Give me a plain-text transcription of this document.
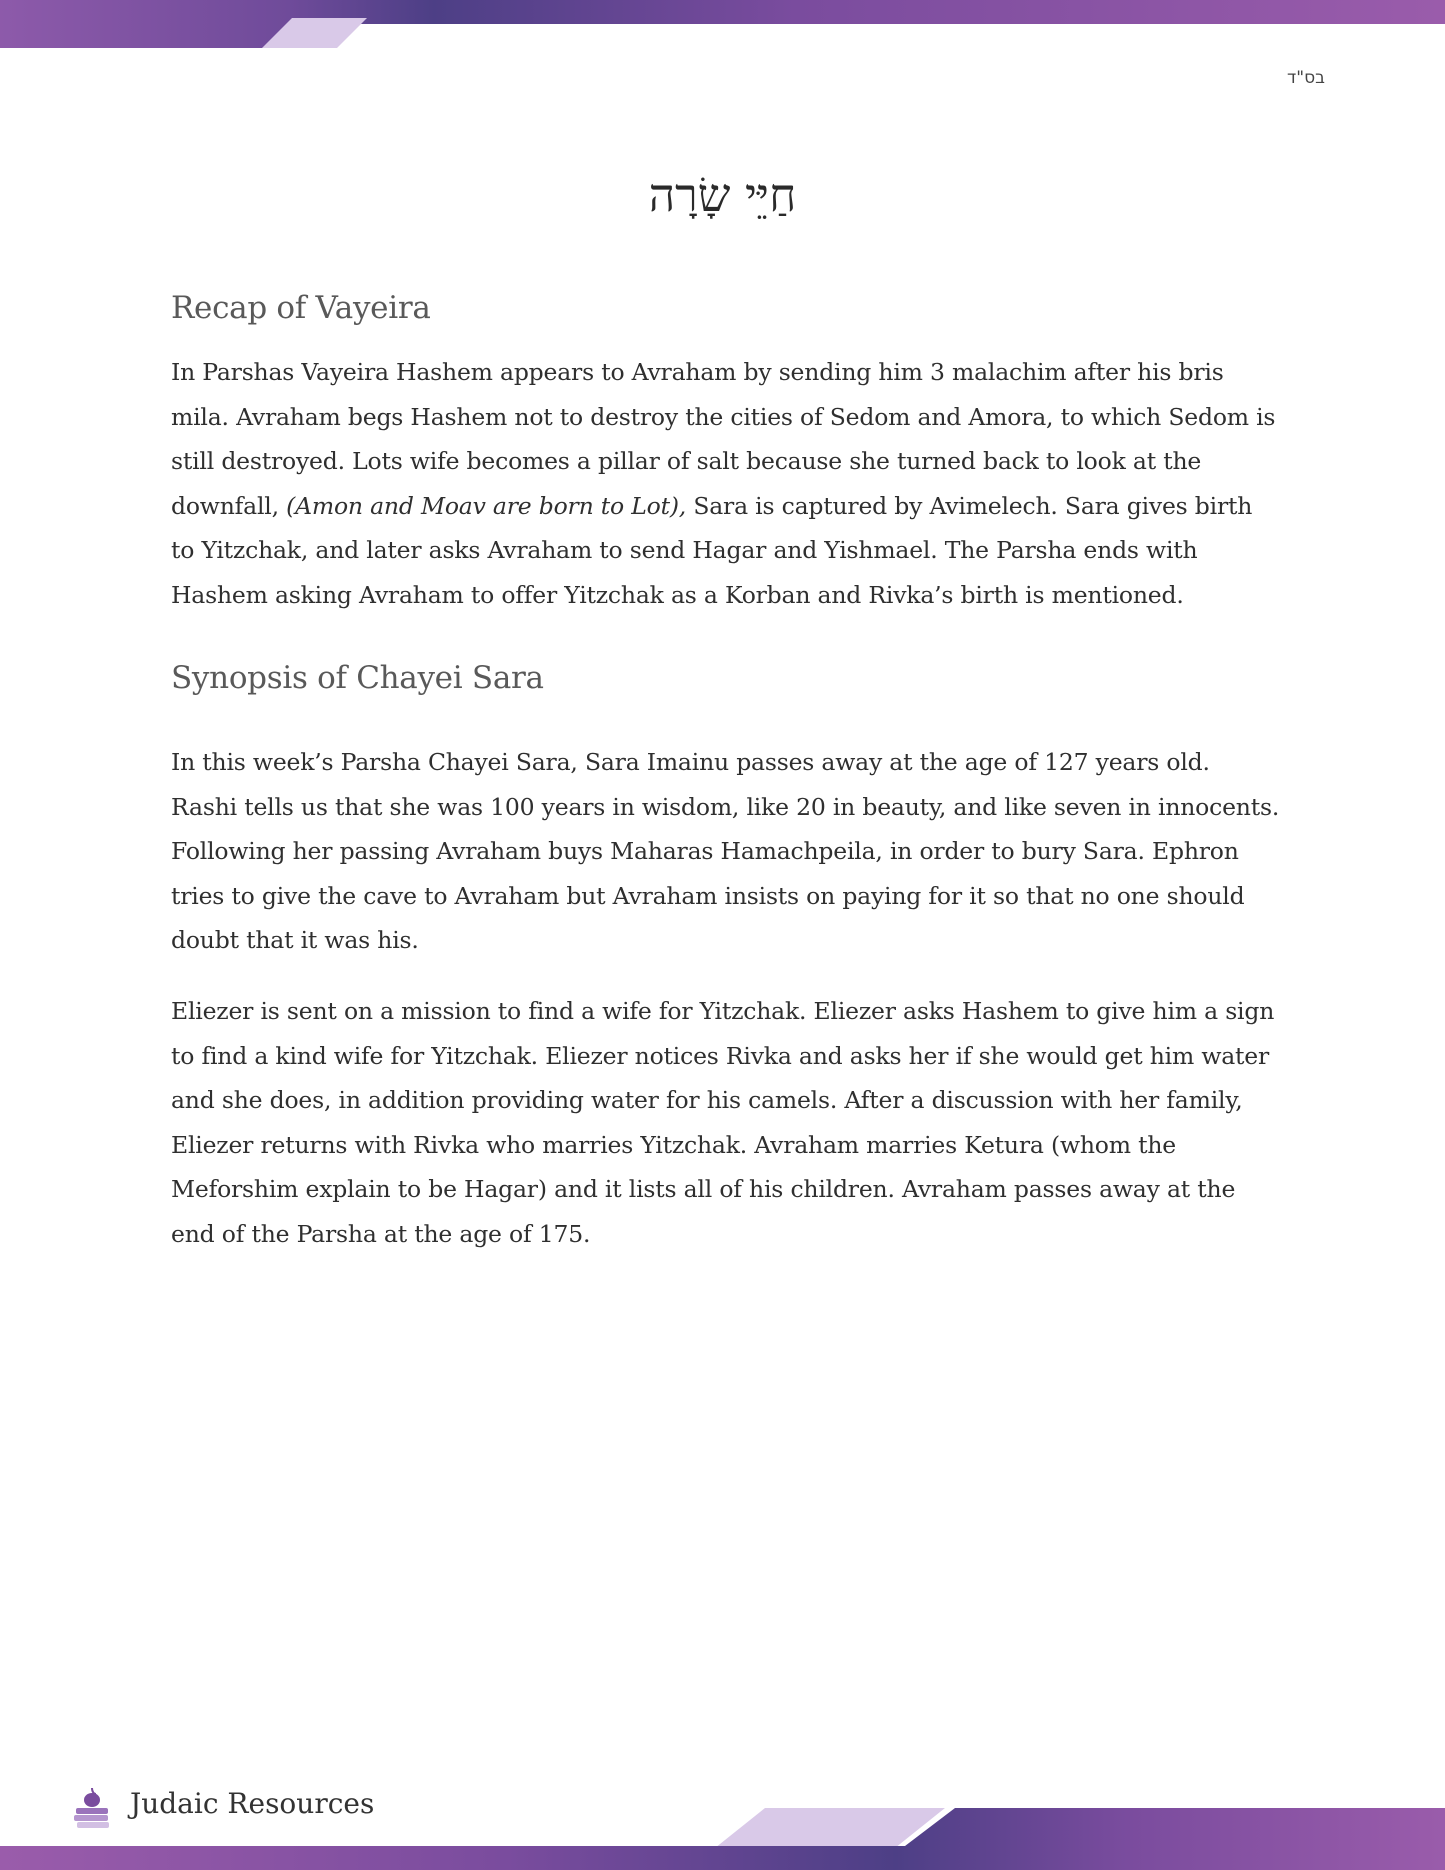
בס"ד
חַיֵּי שָׂרָה
Recap of Vayeira

In Parshas Vayeira Hashem appears to Avraham by sending him 3 malachim after his bris mila. Avraham begs Hashem not to destroy the cities of Sedom and Amora, to which Sedom is still destroyed. Lots wife becomes a pillar of salt because she turned back to look at the downfall, (Amon and Moav are born to Lot), Sara is captured by Avimelech. Sara gives birth to Yitzchak, and later asks Avraham to send Hagar and Yishmael. The Parsha ends with Hashem asking Avraham to offer Yitzchak as a Korban and Rivka’s birth is mentioned.

Synopsis of Chayei Sara

In this week’s Parsha Chayei Sara, Sara Imainu passes away at the age of 127 years old. Rashi tells us that she was 100 years in wisdom, like 20 in beauty, and like seven in innocents. Following her passing Avraham buys Maharas Hamachpeila, in order to bury Sara. Ephron tries to give the cave to Avraham but Avraham insists on paying for it so that no one should doubt that it was his.

Eliezer is sent on a mission to find a wife for Yitzchak. Eliezer asks Hashem to give him a sign to find a kind wife for Yitzchak. Eliezer notices Rivka and asks her if she would get him water and she does, in addition providing water for his camels. After a discussion with her family, Eliezer returns with Rivka who marries Yitzchak. Avraham marries Ketura (whom the Meforshim explain to be Hagar) and it lists all of his children. Avraham passes away at the end of the Parsha at the age of 175.

Judaic Resources
